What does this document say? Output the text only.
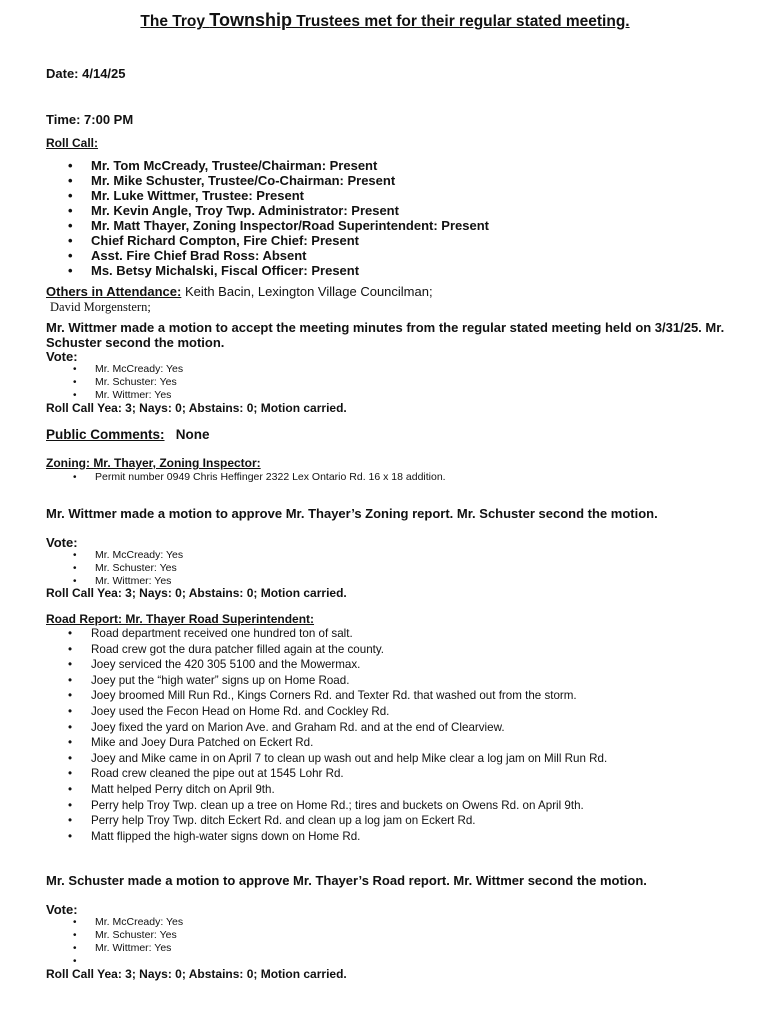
The Troy Township Trustees met for their regular stated meeting.
Date: 4/14/25
Time: 7:00 PM
Roll Call:
• Mr. Tom McCready, Trustee/Chairman: Present
• Mr. Mike Schuster, Trustee/Co-Chairman: Present
• Mr. Luke Wittmer, Trustee: Present
• Mr. Kevin Angle, Troy Twp. Administrator: Present
• Mr. Matt Thayer, Zoning Inspector/Road Superintendent: Present
• Chief Richard Compton, Fire Chief: Present
• Asst. Fire Chief Brad Ross: Absent
• Ms. Betsy Michalski, Fiscal Officer: Present
Others in Attendance: Keith Bacin, Lexington Village Councilman;
David Morgenstern;
Mr. Wittmer made a motion to accept the meeting minutes from the regular stated meeting held on 3/31/25. Mr. Schuster second the motion.
Vote:
• Mr. McCready: Yes
• Mr. Schuster: Yes
• Mr. Wittmer: Yes
Roll Call Yea: 3; Nays: 0; Abstains: 0; Motion carried.
Public Comments: None
Zoning: Mr. Thayer, Zoning Inspector:
• Permit number 0949 Chris Heffinger 2322 Lex Ontario Rd. 16 x 18 addition.
Mr. Wittmer made a motion to approve Mr. Thayer’s Zoning report. Mr. Schuster second the motion.
Vote:
• Mr. McCready: Yes
• Mr. Schuster: Yes
• Mr. Wittmer: Yes
Roll Call Yea: 3; Nays: 0; Abstains: 0; Motion carried.
Road Report: Mr. Thayer Road Superintendent:
• Road department received one hundred ton of salt.
• Road crew got the dura patcher filled again at the county.
• Joey serviced the 420 305 5100 and the Mowermax.
• Joey put the “high water” signs up on Home Road.
• Joey broomed Mill Run Rd., Kings Corners Rd. and Texter Rd. that washed out from the storm.
• Joey used the Fecon Head on Home Rd. and Cockley Rd.
• Joey fixed the yard on Marion Ave. and Graham Rd. and at the end of Clearview.
• Mike and Joey Dura Patched on Eckert Rd.
• Joey and Mike came in on April 7 to clean up wash out and help Mike clear a log jam on Mill Run Rd.
• Road crew cleaned the pipe out at 1545 Lohr Rd.
• Matt helped Perry ditch on April 9th.
• Perry help Troy Twp. clean up a tree on Home Rd.; tires and buckets on Owens Rd. on April 9th.
• Perry help Troy Twp. ditch Eckert Rd. and clean up a log jam on Eckert Rd.
• Matt flipped the high-water signs down on Home Rd.
Mr. Schuster made a motion to approve Mr. Thayer’s Road report. Mr. Wittmer second the motion.
Vote:
• Mr. McCready: Yes
• Mr. Schuster: Yes
• Mr. Wittmer: Yes
•
Roll Call Yea: 3; Nays: 0; Abstains: 0; Motion carried.
